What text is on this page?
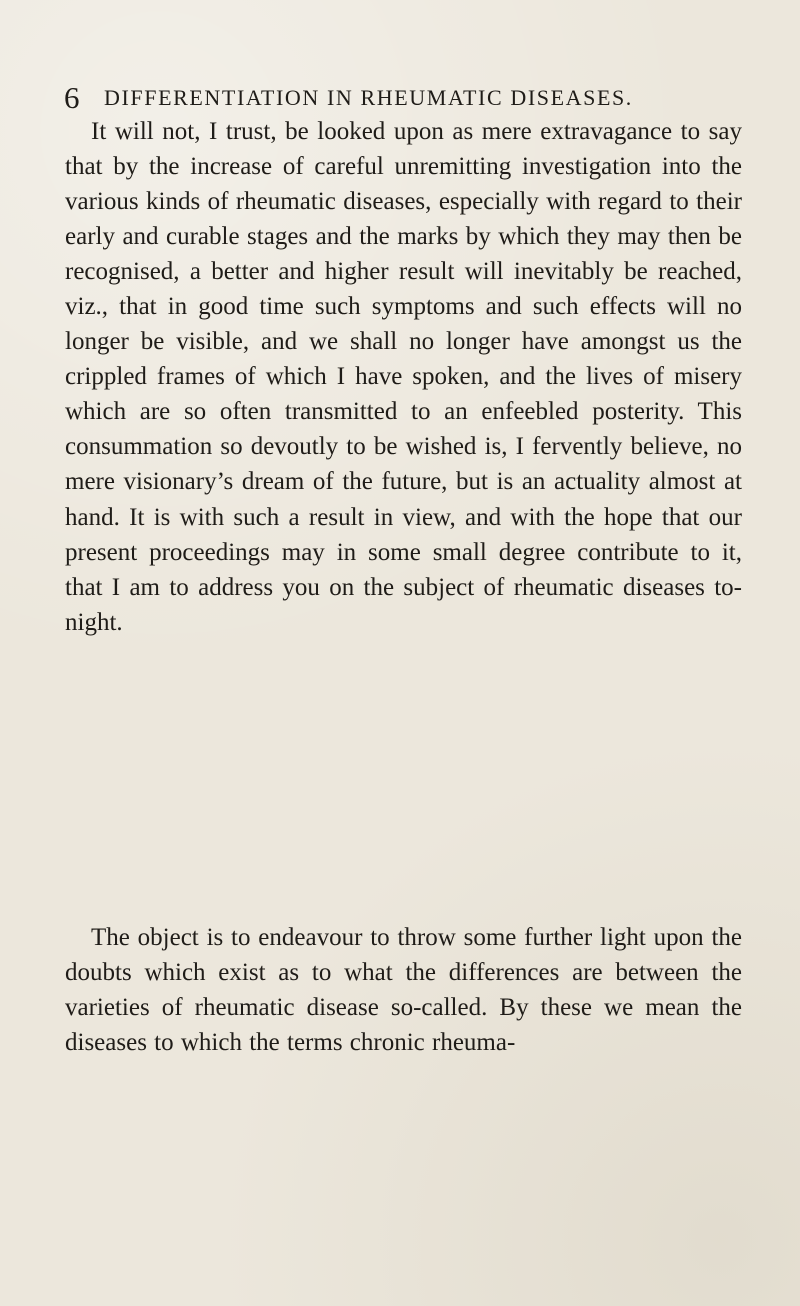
6 DIFFERENTIATION IN RHEUMATIC DISEASES.

It will not, I trust, be looked upon as mere extravagance to say that by the increase of careful unremitting investigation into the various kinds of rheumatic diseases, especially with regard to their early and curable stages and the marks by which they may then be recognised, a better and higher result will inevitably be reached, viz., that in good time such symptoms and such effects will no longer be visible, and we shall no longer have amongst us the crippled frames of which I have spoken, and the lives of misery which are so often transmitted to an enfeebled posterity. This consummation so devoutly to be wished is, I fervently believe, no mere visionary’s dream of the future, but is an actuality almost at hand. It is with such a result in view, and with the hope that our present proceedings may in some small degree contribute to it, that I am to address you on the subject of rheumatic diseases to-night.

The object is to endeavour to throw some further light upon the doubts which exist as to what the differences are between the varieties of rheumatic disease so-called. By these we mean the diseases to which the terms chronic rheuma-
